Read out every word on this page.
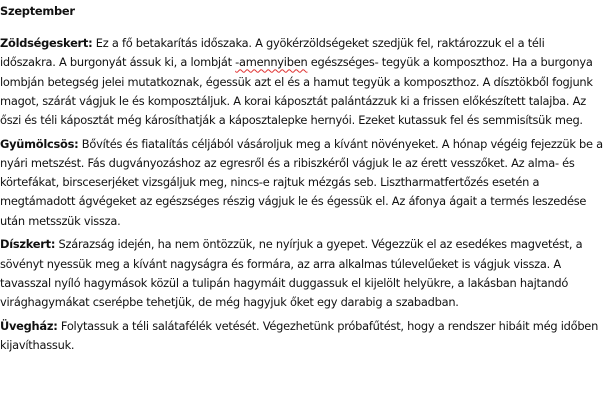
Szeptember

Zöldségeskert: Ez a fő betakarítás időszaka. A gyökérzöldségeket szedjük fel, raktározzuk el a téli időszakra. A burgonyát ássuk ki, a lombját -amennyiben egészséges- tegyük a komposzthoz. Ha a burgonya lombján betegség jelei mutatkoznak, égessük azt el és a hamut tegyük a komposzthoz. A dísztökből fogjunk magot, szárát vágjuk le és komposztáljuk. A korai káposztát palántázzuk ki a frissen előkészített talajba. Az őszi és téli káposztát még károsíthatják a káposztalepke hernyói. Ezeket kutassuk fel és semmisítsük meg.

Gyümölcsös: Bővítés és fiatalítás céljából vásároljuk meg a kívánt növényeket. A hónap végéig fejezzük be a nyári metszést. Fás dugványozáshoz az egresről és a ribiszkéről vágjuk le az érett vesszőket. Az alma- és körtefákat, birsceserjéket vizsgáljuk meg, nincs-e rajtuk mézgás seb. Lisztharmatfertőzés esetén a megtámadott ágvégeket az egészséges részig vágjuk le és égessük el. Az áfonya ágait a termés leszedése után metsszük vissza.

Díszkert: Szárazság idején, ha nem öntözzük, ne nyírjuk a gyepet. Végezzük el az esedékes magvetést, a sövényt nyessük meg a kívánt nagyságra és formára, az arra alkalmas túlevelűeket is vágjuk vissza. A tavasszal nyíló hagymások közül a tulipán hagymáit duggassuk el kijelölt helyükre, a lakásban hajtandó virághagymákat cserépbe tehetjük, de még hagyjuk őket egy darabig a szabadban.

Üvegház: Folytassuk a téli salátafélék vetését. Végezhetünk próbafűtést, hogy a rendszer hibáit még időben kijavíthassuk.
